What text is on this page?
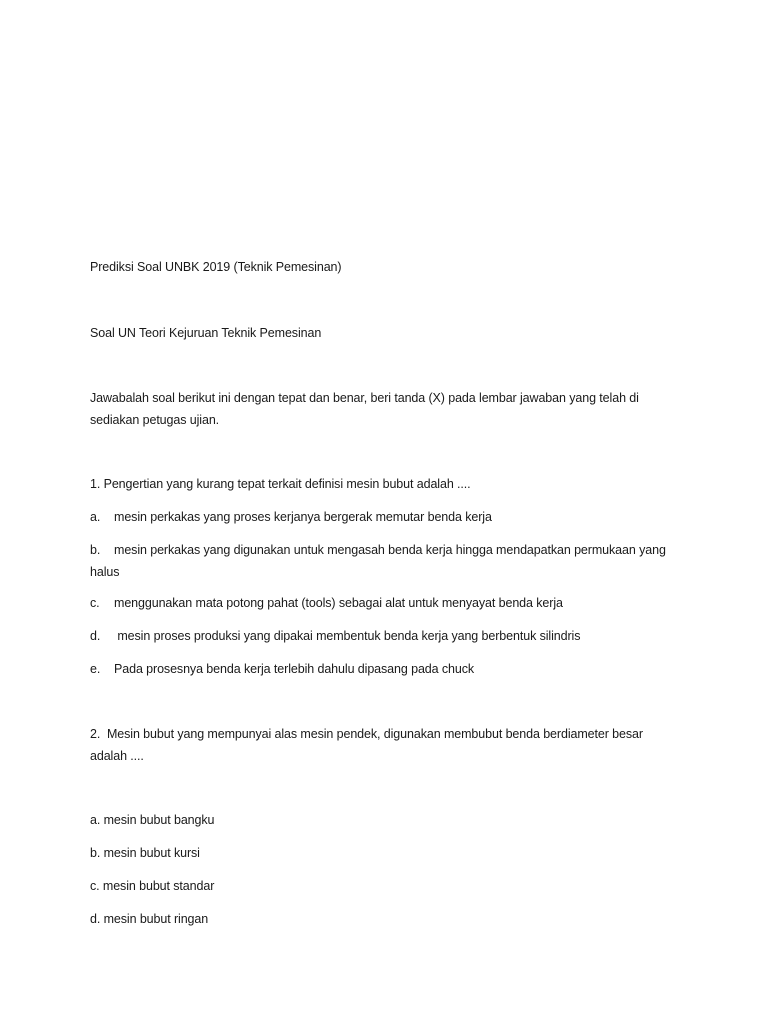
Prediksi Soal UNBK 2019 (Teknik Pemesinan)
Soal UN Teori Kejuruan Teknik Pemesinan
Jawabalah soal berikut ini dengan tepat dan benar, beri tanda (X) pada lembar jawaban yang telah di sediakan petugas ujian.
1. Pengertian yang kurang tepat terkait definisi mesin bubut adalah ....
a. mesin perkakas yang proses kerjanya bergerak memutar benda kerja
b. mesin perkakas yang digunakan untuk mengasah benda kerja hingga mendapatkan permukaan yang halus
c. menggunakan mata potong pahat (tools) sebagai alat untuk menyayat benda kerja
d. mesin proses produksi yang dipakai membentuk benda kerja yang berbentuk silindris
e. Pada prosesnya benda kerja terlebih dahulu dipasang pada chuck
2.  Mesin bubut yang mempunyai alas mesin pendek, digunakan membubut benda berdiameter besar adalah ....
a. mesin bubut bangku
b. mesin bubut kursi
c. mesin bubut standar
d. mesin bubut ringan
